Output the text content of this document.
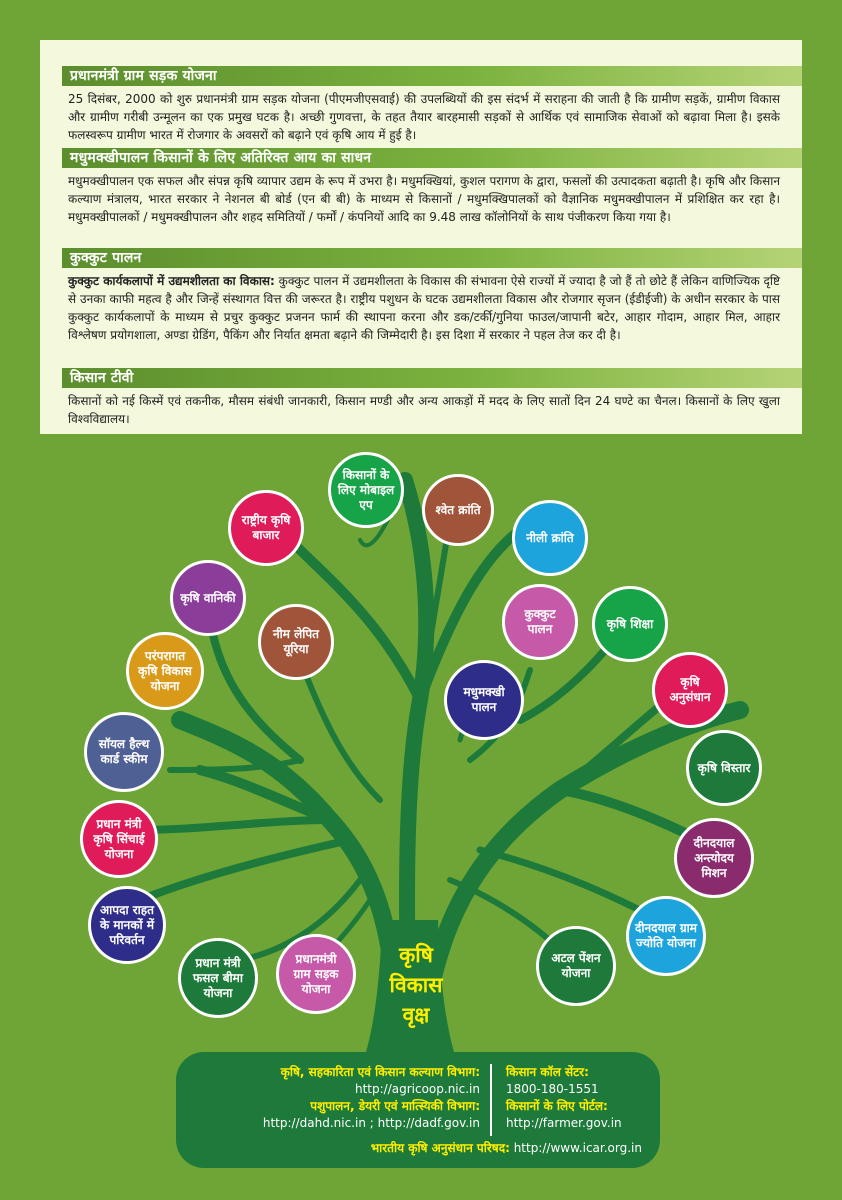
प्रधानमंत्री ग्राम सड़क योजना
25 दिसंबर, 2000 को शुरु प्रधानमंत्री ग्राम सड़क योजना (पीएमजीएसवाई) की उपलब्धियों की इस संदर्भ में सराहना की जाती है कि ग्रामीण सड़कें, ग्रामीण विकास और ग्रामीण गरीबी उन्मूलन का एक प्रमुख घटक है। अच्छी गुणवत्ता, के तहत तैयार बारहमासी सड़कों से आर्थिक एवं सामाजिक सेवाओं को बढ़ावा मिला है। इसके फलस्वरूप ग्रामीण भारत में रोजगार के अवसरों को बढ़ाने एवं कृषि आय में हुई है।
मधुमक्खीपालन किसानों के लिए अतिरिक्त आय का साधन
मधुमक्खीपालन एक सफल और संपन्न कृषि व्यापार उद्यम के रूप में उभरा है। मधुमक्खियां, कुशल परागण के द्वारा, फसलों की उत्पादकता बढ़ाती है। कृषि और किसान कल्याण मंत्रालय, भारत सरकार ने नेशनल बी बोर्ड (एन बी बी) के माध्यम से किसानों / मधुमक्खिपालकों को वैज्ञानिक मधुमक्खीपालन में प्रशिक्षित कर रहा है। मधुमक्खीपालकों / मधुमक्खीपालन और शहद समितियों / फर्मों / कंपनियों आदि का 9.48 लाख कॉलोनियों के साथ पंजीकरण किया गया है।
कुक्कुट पालन
कुक्कुट कार्यकलापों में उद्यमशीलता का विकास: कुक्कुट पालन में उद्यमशीलता के विकास की संभावना ऐसे राज्यों में ज्यादा है जो हैं तो छोटे हैं लेकिन वाणिज्यिक दृष्टि से उनका काफी महत्व है और जिन्हें संस्थागत वित्त की जरूरत है। राष्ट्रीय पशुधन के घटक उद्यमशीलता विकास और रोजगार सृजन (ईडीईजी) के अधीन सरकार के पास कुक्कुट कार्यकलापों के माध्यम से प्रचुर कुक्कुट प्रजनन फार्म की स्थापना करना और डक/टर्की/गुनिया फाउल/जापानी बटेर, आहार गोदाम, आहार मिल, आहार विश्लेषण प्रयोगशाला, अण्डा ग्रेडिंग, पैकिंग और निर्यात क्षमता बढ़ाने की जिम्मेदारी है। इस दिशा में सरकार ने पहल तेज कर दी है।
किसान टीवी
किसानों को नई किस्में एवं तकनीक, मौसम संबंधी जानकारी, किसान मण्डी और अन्य आकड़ों में मदद के लिए सातों दिन 24 घण्टे का चैनल। किसानों के लिए खुला विश्वविद्यालय।
कृषि
विकास
वृक्ष
किसानों के लिए मोबाइल एप	श्वेत क्रांति
राष्ट्रीय कृषि बाजार	नीली क्रांति
कृषि वानिकी
नीम लेपित यूरिया
कुक्कुट पालन	कृषि शिक्षा
परंपरागत कृषि विकास योजना	मधुमक्खी पालन
कृषि अनुसंधान
सॉयल हैल्थ कार्ड स्कीम
कृषि विस्तार
प्रधान मंत्री कृषि सिंचाई योजना
दीनदयाल अन्त्योदय मिशन
आपदा राहत के मानकों में परिवर्तन
दीनदयाल ग्राम ज्योति योजना
प्रधान मंत्री फसल बीमा योजना
प्रधानमंत्री ग्राम सड़क योजना
अटल पेंशन योजना
कृषि, सहकारिता एवं किसान कल्याण विभाग:
http://agricoop.nic.in
पशुपालन, डेयरी एवं मात्स्यिकी विभाग:
http://dahd.nic.in ; http://dadf.gov.in
किसान कॉल सेंटर:
1800-180-1551
किसानों के लिए पोर्टल:
http://farmer.gov.in
भारतीय कृषि अनुसंधान परिषद: http://www.icar.org.in
